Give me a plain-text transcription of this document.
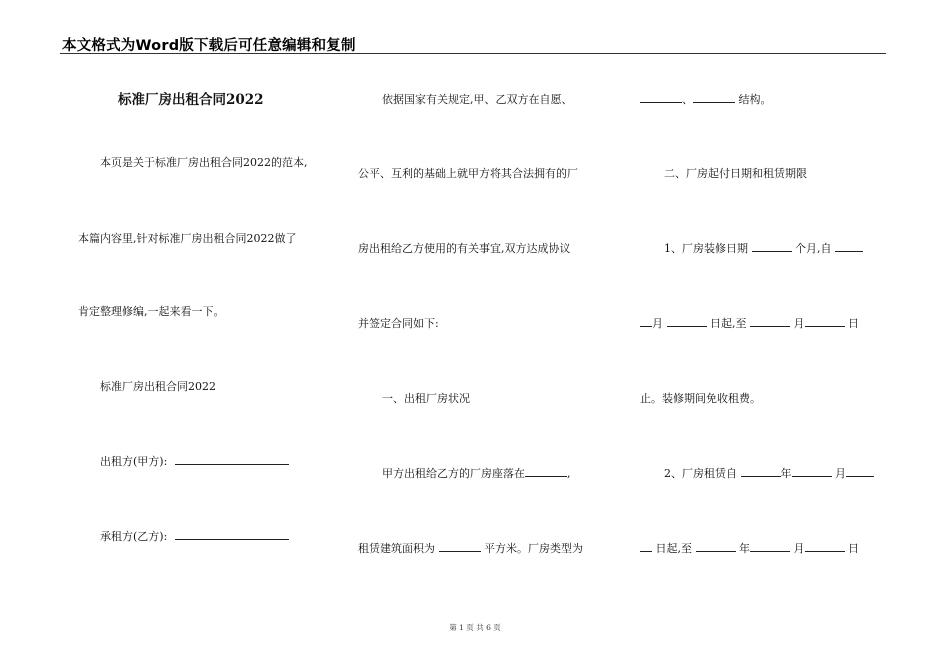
本文格式为Word版下载后可任意编辑和复制
标准厂房出租合同2022
本页是关于标准厂房出租合同2022的范本,
本篇内容里,针对标准厂房出租合同2022做了
肯定整理修编,一起来看一下。
标准厂房出租合同2022
出租方(甲方):
承租方(乙方):
依据国家有关规定,甲、乙双方在自愿、
公平、互利的基础上就甲方将其合法拥有的厂
房出租给乙方使用的有关事宜,双方达成协议
并签定合同如下:
一、出租厂房状况
甲方出租给乙方的厂房座落在	,
租赁建筑面积为	平方米。厂房类型为
、	结构。
二、厂房起付日期和租赁期限
1、厂房装修日期	个月,自
月	日起,至	月	日
止。装修期间免收租费。
2、厂房租赁自	年	月
日起,至	年	月	日
第 1 页 共 6 页
